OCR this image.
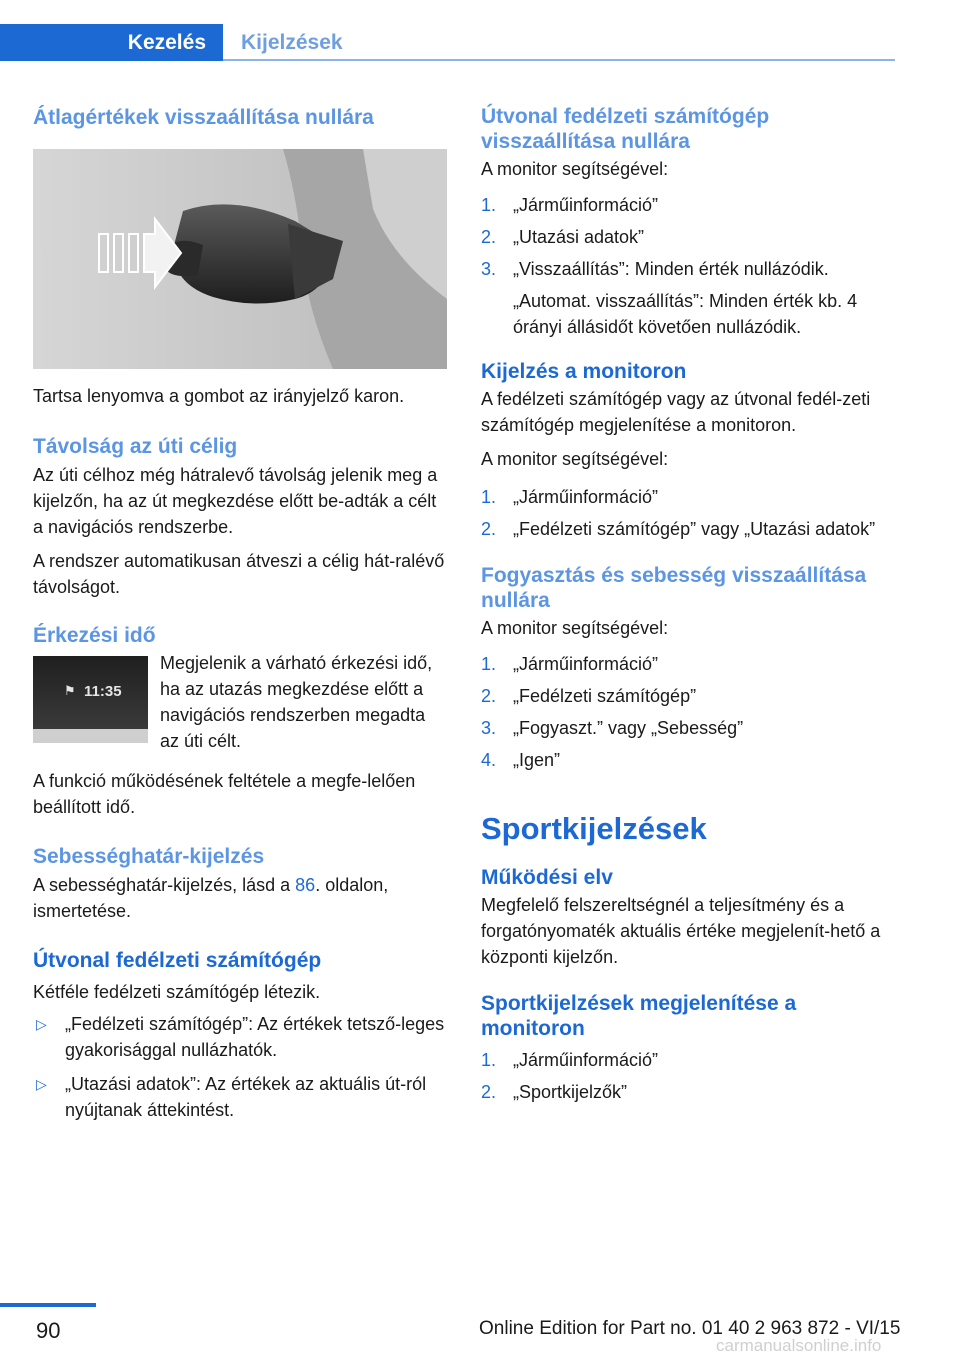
Kezelés	Kijelzések
Átlagértékek visszaállítása nullára
Tartsa lenyomva a gombot az irányjelző karon.
Távolság az úti célig
Az úti célhoz még hátralevő távolság jelenik meg a kijelzőn, ha az út megkezdése előtt be-adták a célt a navigációs rendszerbe.
A rendszer automatikusan átveszi a célig hát-ralévő távolságot.
Érkezési idő
⚑ 11:35
Megjelenik a várható érkezési idő, ha az utazás megkezdése előtt a navigációs rendszerben megadta az úti célt.
A funkció működésének feltétele a megfe-lelően beállított idő.
Sebességhatár-kijelzés
A sebességhatár-kijelzés, lásd a 86. oldalon, ismertetése.
Útvonal fedélzeti számítógép
Kétféle fedélzeti számítógép létezik.
▷ „Fedélzeti számítógép”: Az értékek tetsző-leges gyakorisággal nullázhatók.
▷ „Utazási adatok”: Az értékek az aktuális út-ról nyújtanak áttekintést.
Útvonal fedélzeti számítógép visszaállítása nullára
A monitor segítségével:
1. „Járműinformáció”
2. „Utazási adatok”
3. „Visszaállítás”: Minden érték nullázódik.
„Automat. visszaállítás”: Minden érték kb. 4 órányi állásidőt követően nullázódik.
Kijelzés a monitoron
A fedélzeti számítógép vagy az útvonal fedél-zeti számítógép megjelenítése a monitoron.
A monitor segítségével:
1. „Járműinformáció”
2. „Fedélzeti számítógép” vagy „Utazási adatok”
Fogyasztás és sebesség visszaállítása nullára
A monitor segítségével:
1. „Járműinformáció”
2. „Fedélzeti számítógép”
3. „Fogyaszt.” vagy „Sebesség”
4. „Igen”
Sportkijelzések
Működési elv
Megfelelő felszereltségnél a teljesítmény és a forgatónyomaték aktuális értéke megjelenít-hető a központi kijelzőn.
Sportkijelzések megjelenítése a monitoron
1. „Járműinformáció”
2. „Sportkijelzők”
90	Online Edition for Part no. 01 40 2 963 872 - VI/15
carmanualsonline.info
